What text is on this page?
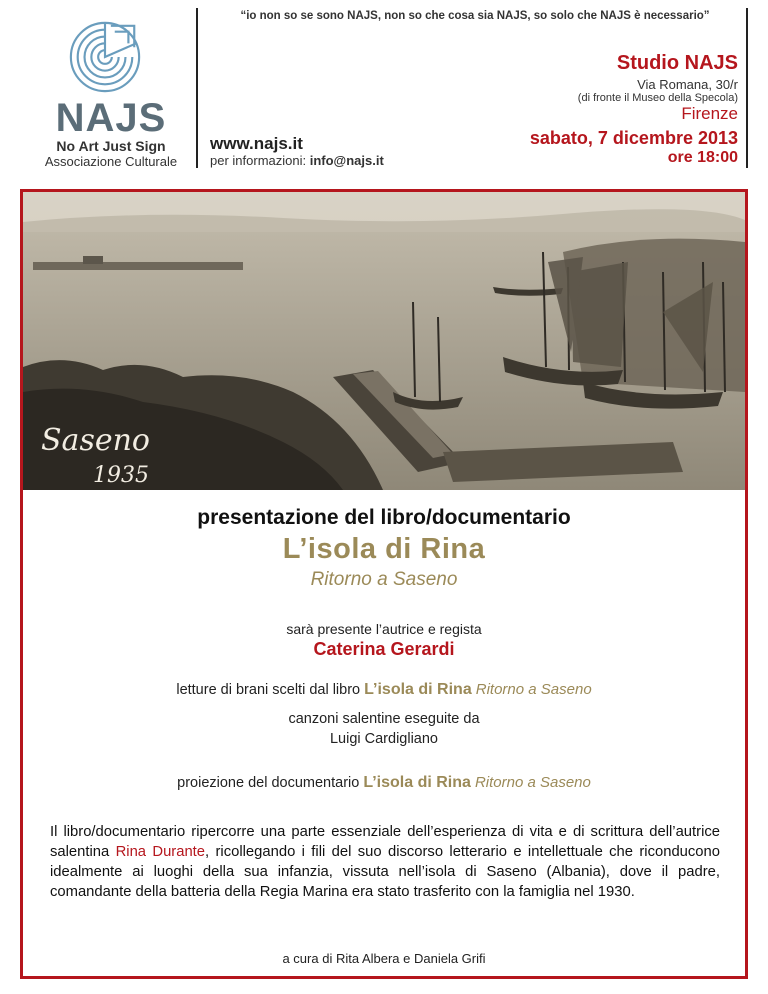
NAJS
No Art Just Sign
Associazione Culturale
“io non so se sono NAJS, non so che cosa sia NAJS, so solo che NAJS è necessario”
www.najs.it
per informazioni: info@najs.it
Studio NAJS
Via Romana, 30/r
(di fronte il Museo della Specola)
Firenze
sabato, 7 dicembre 2013
ore 18:00
Saseno
1935
presentazione del libro/documentario
L’isola di Rina
Ritorno a Saseno
sarà presente l’autrice e regista
Caterina Gerardi
letture di brani scelti dal libro L’isola di Rina Ritorno a Saseno
canzoni salentine eseguite da
Luigi Cardigliano
proiezione del documentario L’isola di Rina Ritorno a Saseno
Il libro/documentario ripercorre una parte essenziale dell’esperienza di vita e di scrittura dell’autrice salentina Rina Durante, ricollegando i fili del suo discorso letterario e intellettuale che riconducono idealmente ai luoghi della sua infanzia, vissuta nell’isola di Saseno (Albania), dove il padre, comandante della batteria della Regia Marina era stato trasferito con la famiglia nel 1930.
a cura di Rita Albera e Daniela Grifi
